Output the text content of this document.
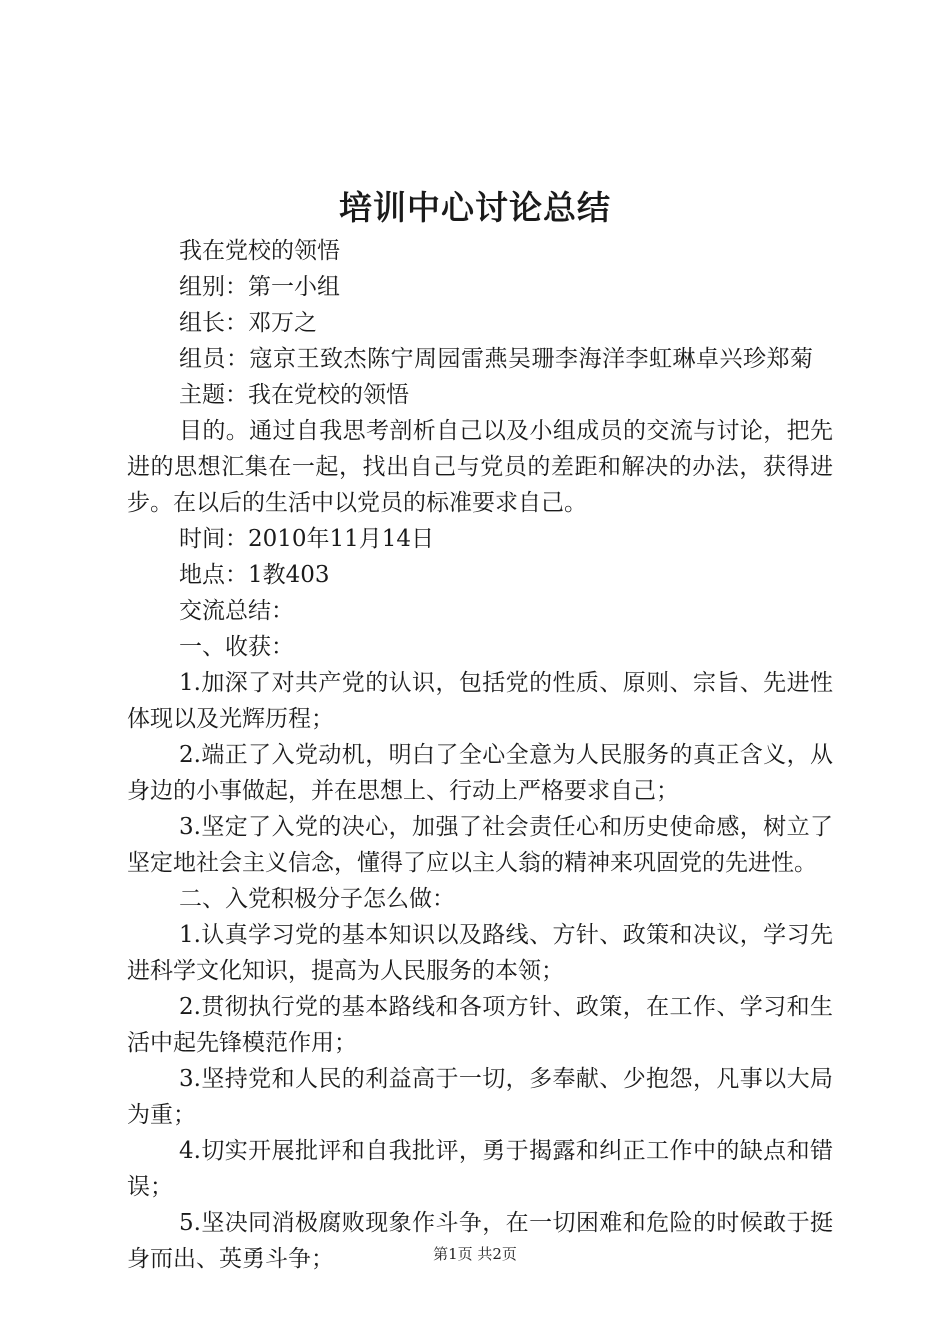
培训中心讨论总结

我在党校的领悟

组别：第一小组

组长：邓万之

组员：寇京王致杰陈宁周园雷燕吴珊李海洋李虹琳卓兴珍郑菊

主题：我在党校的领悟

目的。通过自我思考剖析自己以及小组成员的交流与讨论，把先进的思想汇集在一起，找出自己与党员的差距和解决的办法，获得进步。在以后的生活中以党员的标准要求自己。

时间：2010年11月14日

地点：1教403

交流总结：

一、收获：

1.加深了对共产党的认识，包括党的性质、原则、宗旨、先进性体现以及光辉历程；

2.端正了入党动机，明白了全心全意为人民服务的真正含义，从身边的小事做起，并在思想上、行动上严格要求自己；

3.坚定了入党的决心，加强了社会责任心和历史使命感，树立了坚定地社会主义信念，懂得了应以主人翁的精神来巩固党的先进性。

二、入党积极分子怎么做：

1.认真学习党的基本知识以及路线、方针、政策和决议，学习先进科学文化知识，提高为人民服务的本领；

2.贯彻执行党的基本路线和各项方针、政策，在工作、学习和生活中起先锋模范作用；

3.坚持党和人民的利益高于一切，多奉献、少抱怨，凡事以大局为重；

4.切实开展批评和自我批评，勇于揭露和纠正工作中的缺点和错误；

5.坚决同消极腐败现象作斗争，在一切困难和危险的时候敢于挺身而出、英勇斗争；	第1页 共2页
